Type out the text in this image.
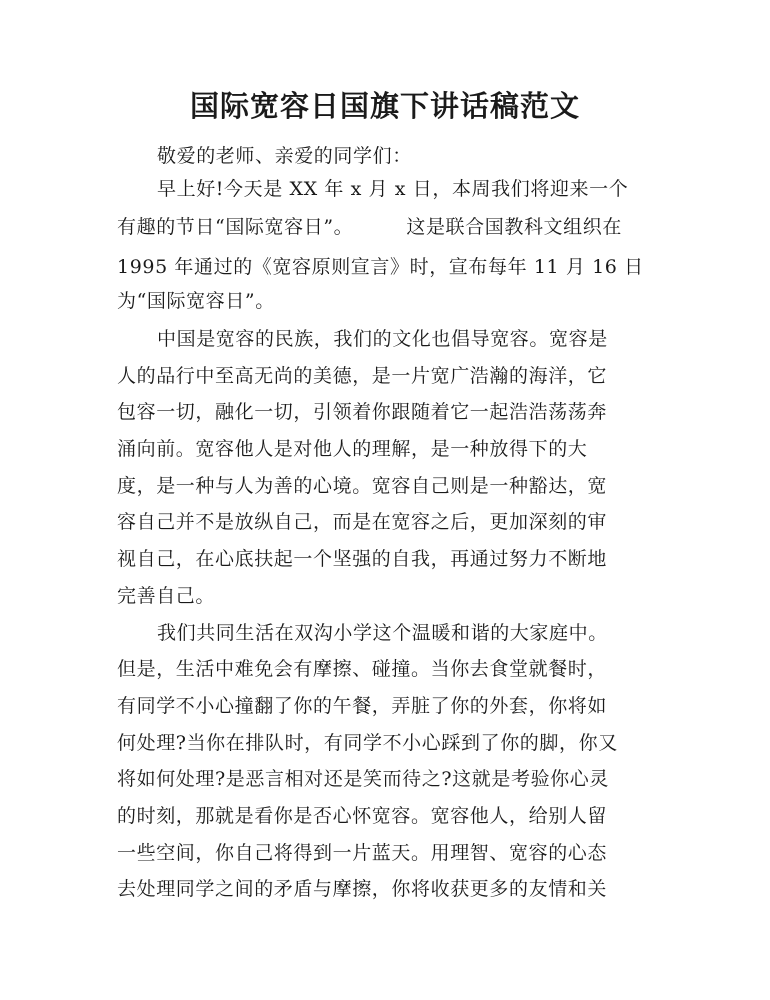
国际宽容日国旗下讲话稿范文

敬爱的老师、亲爱的同学们：

早上好!今天是 XX 年 x 月 x 日，本周我们将迎来一个

有趣的节日“国际宽容日”。        这是联合国教科文组织在

1995 年通过的《宽容原则宣言》时，宣布每年 11 月 16 日

为“国际宽容日”。

中国是宽容的民族，我们的文化也倡导宽容。宽容是

人的品行中至高无尚的美德，是一片宽广浩瀚的海洋，它

包容一切，融化一切，引领着你跟随着它一起浩浩荡荡奔

涌向前。宽容他人是对他人的理解，是一种放得下的大

度，是一种与人为善的心境。宽容自己则是一种豁达，宽

容自己并不是放纵自己，而是在宽容之后，更加深刻的审

视自己，在心底扶起一个坚强的自我，再通过努力不断地

完善自己。

我们共同生活在双沟小学这个温暖和谐的大家庭中。

但是，生活中难免会有摩擦、碰撞。当你去食堂就餐时，

有同学不小心撞翻了你的午餐，弄脏了你的外套，你将如

何处理?当你在排队时，有同学不小心踩到了你的脚，你又

将如何处理?是恶言相对还是笑而待之?这就是考验你心灵

的时刻，那就是看你是否心怀宽容。宽容他人，给别人留

一些空间，你自己将得到一片蓝天。用理智、宽容的心态

去处理同学之间的矛盾与摩擦，你将收获更多的友情和关
